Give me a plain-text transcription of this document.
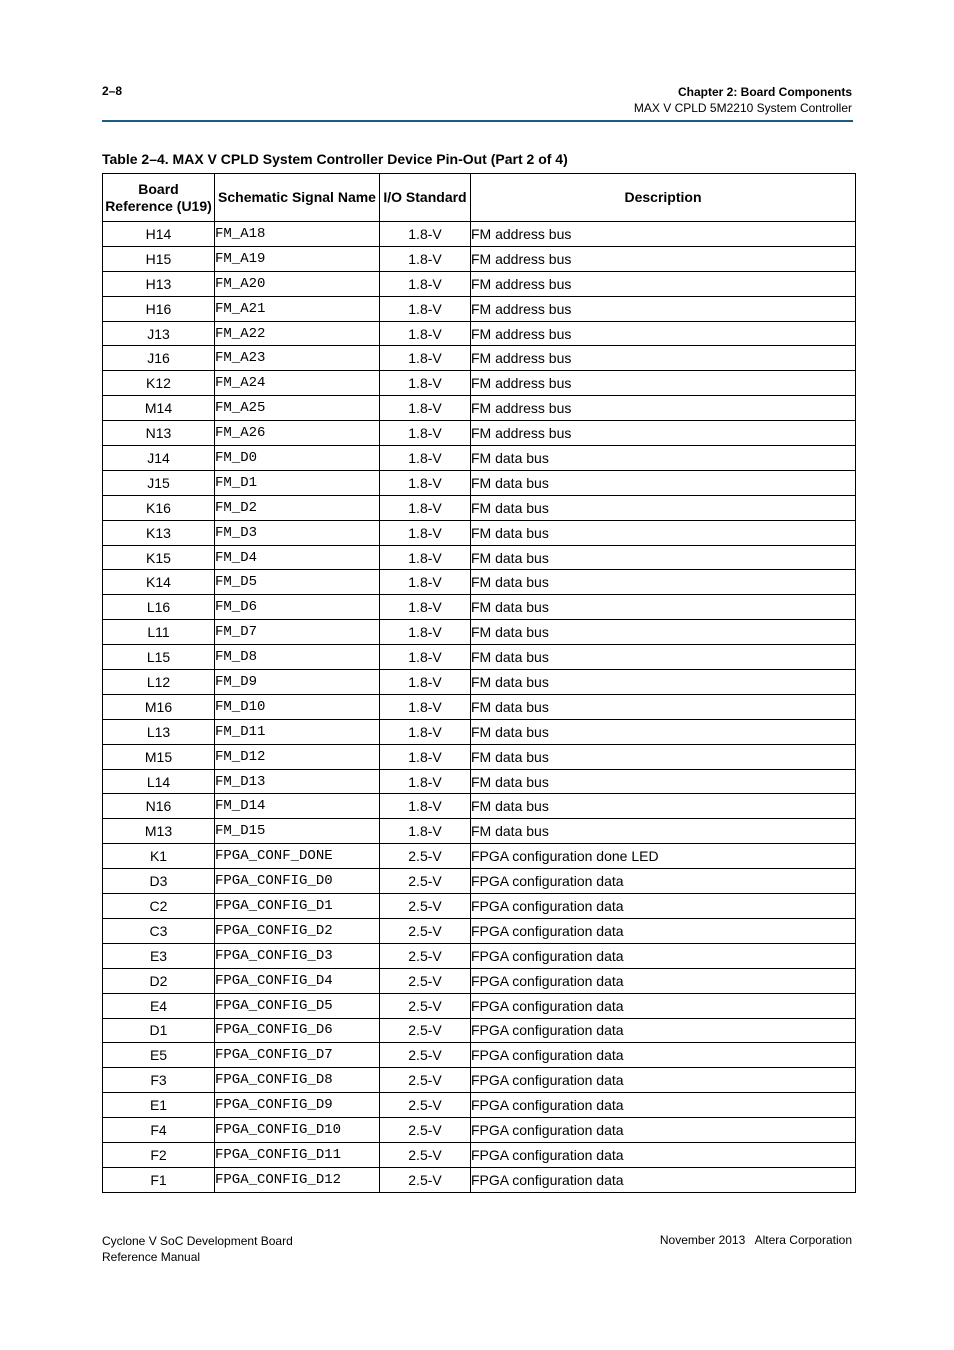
2–8	Chapter 2: Board Components
MAX V CPLD 5M2210 System Controller
Table 2–4. MAX V CPLD System Controller Device Pin-Out (Part 2 of 4)
Board Reference (U19)	Schematic Signal Name	I/O Standard	Description
H14	FM_A18	1.8-V	FM address bus
H15	FM_A19	1.8-V	FM address bus
H13	FM_A20	1.8-V	FM address bus
H16	FM_A21	1.8-V	FM address bus
J13	FM_A22	1.8-V	FM address bus
J16	FM_A23	1.8-V	FM address bus
K12	FM_A24	1.8-V	FM address bus
M14	FM_A25	1.8-V	FM address bus
N13	FM_A26	1.8-V	FM address bus
J14	FM_D0	1.8-V	FM data bus
J15	FM_D1	1.8-V	FM data bus
K16	FM_D2	1.8-V	FM data bus
K13	FM_D3	1.8-V	FM data bus
K15	FM_D4	1.8-V	FM data bus
K14	FM_D5	1.8-V	FM data bus
L16	FM_D6	1.8-V	FM data bus
L11	FM_D7	1.8-V	FM data bus
L15	FM_D8	1.8-V	FM data bus
L12	FM_D9	1.8-V	FM data bus
M16	FM_D10	1.8-V	FM data bus
L13	FM_D11	1.8-V	FM data bus
M15	FM_D12	1.8-V	FM data bus
L14	FM_D13	1.8-V	FM data bus
N16	FM_D14	1.8-V	FM data bus
M13	FM_D15	1.8-V	FM data bus
K1	FPGA_CONF_DONE	2.5-V	FPGA configuration done LED
D3	FPGA_CONFIG_D0	2.5-V	FPGA configuration data
C2	FPGA_CONFIG_D1	2.5-V	FPGA configuration data
C3	FPGA_CONFIG_D2	2.5-V	FPGA configuration data
E3	FPGA_CONFIG_D3	2.5-V	FPGA configuration data
D2	FPGA_CONFIG_D4	2.5-V	FPGA configuration data
E4	FPGA_CONFIG_D5	2.5-V	FPGA configuration data
D1	FPGA_CONFIG_D6	2.5-V	FPGA configuration data
E5	FPGA_CONFIG_D7	2.5-V	FPGA configuration data
F3	FPGA_CONFIG_D8	2.5-V	FPGA configuration data
E1	FPGA_CONFIG_D9	2.5-V	FPGA configuration data
F4	FPGA_CONFIG_D10	2.5-V	FPGA configuration data
F2	FPGA_CONFIG_D11	2.5-V	FPGA configuration data
F1	FPGA_CONFIG_D12	2.5-V	FPGA configuration data
Cyclone V SoC Development Board
Reference Manual
November 2013   Altera Corporation
